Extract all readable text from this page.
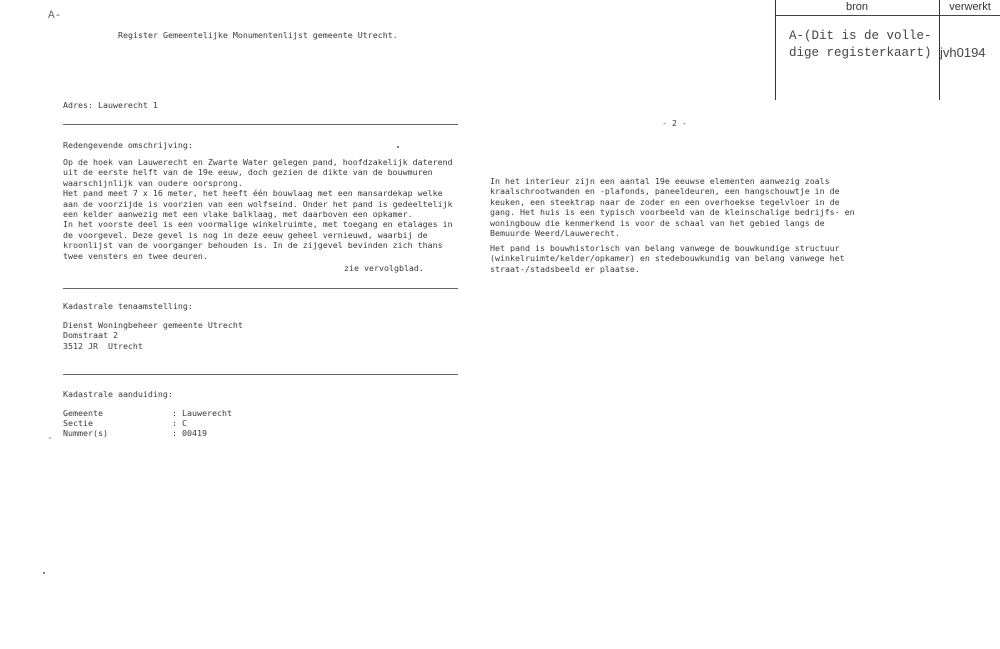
A-
Register Gemeentelijke Monumentenlijst gemeente Utrecht.
bron	verwerkt
A-(Dit is de volle-
dige registerkaart) jvh0194
Adres: Lauwerecht 1
Redengevende omschrijving:
Op de hoek van Lauwerecht en Zwarte Water gelegen pand, hoofdzakelijk daterend
uit de eerste helft van de 19e eeuw, doch gezien de dikte van de bouwmuren
waarschijnlijk van oudere oorsprong.
Het pand meet 7 x 16 meter, het heeft één bouwlaag met een mansardekap welke
aan de voorzijde is voorzien van een wolfseind. Onder het pand is gedeeltelijk
een kelder aanwezig met een vlake balklaag, met daarboven een opkamer.
In het voorste deel is een voormalige winkelruimte, met toegang en etalages in
de voorgevel. Deze gevel is nog in deze eeuw geheel vernieuwd, waarbij de
kroonlijst van de voorganger behouden is. In de zijgevel bevinden zich thans
twee vensters en twee deuren.
zie vervolgblad.
Kadastrale tenaamstelling:
Dienst Woningbeheer gemeente Utrecht
Domstraat 2
3512 JR  Utrecht
Kadastrale aanduiding:
Gemeente	: Lauwerecht
Sectie	: C
Nummer(s)	: 00419
- 2 -
In het interieur zijn een aantal 19e eeuwse elementen aanwezig zoals
kraalschrootwanden en -plafonds, paneeldeuren, een hangschouwtje in de
keuken, een steektrap naar de zoder en een overhoekse tegelvloer in de
gang. Het huis is een typisch voorbeeld van de kleinschalige bedrijfs- en
woningbouw die kenmerkend is voor de schaal van het gebied langs de
Bemuurde Weerd/Lauwerecht.
Het pand is bouwhistorisch van belang vanwege de bouwkundige structuur
(winkelruimte/kelder/opkamer) en stedebouwkundig van belang vanwege het
straat-/stadsbeeld er plaatse.
